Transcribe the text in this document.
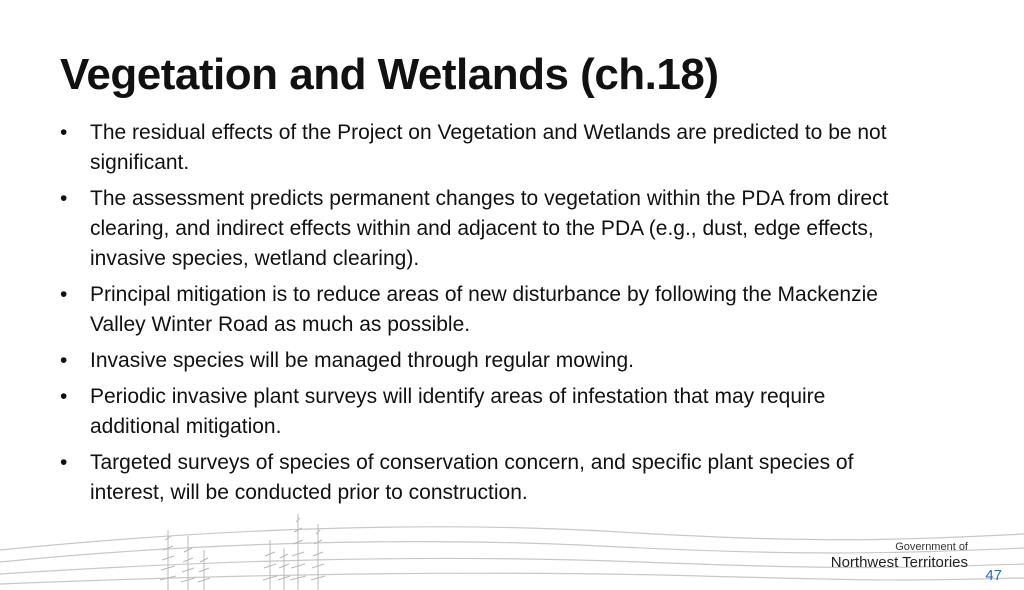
Vegetation and Wetlands (ch.18)
• The residual effects of the Project on Vegetation and Wetlands are predicted to be not significant.
• The assessment predicts permanent changes to vegetation within the PDA from direct clearing, and indirect effects within and adjacent to the PDA (e.g., dust, edge effects, invasive species, wetland clearing).
• Principal mitigation is to reduce areas of new disturbance by following the Mackenzie Valley Winter Road as much as possible.
• Invasive species will be managed through regular mowing.
• Periodic invasive plant surveys will identify areas of infestation that may require additional mitigation.
• Targeted surveys of species of conservation concern, and specific plant species of interest, will be conducted prior to construction.
Government of
Northwest Territories
47
